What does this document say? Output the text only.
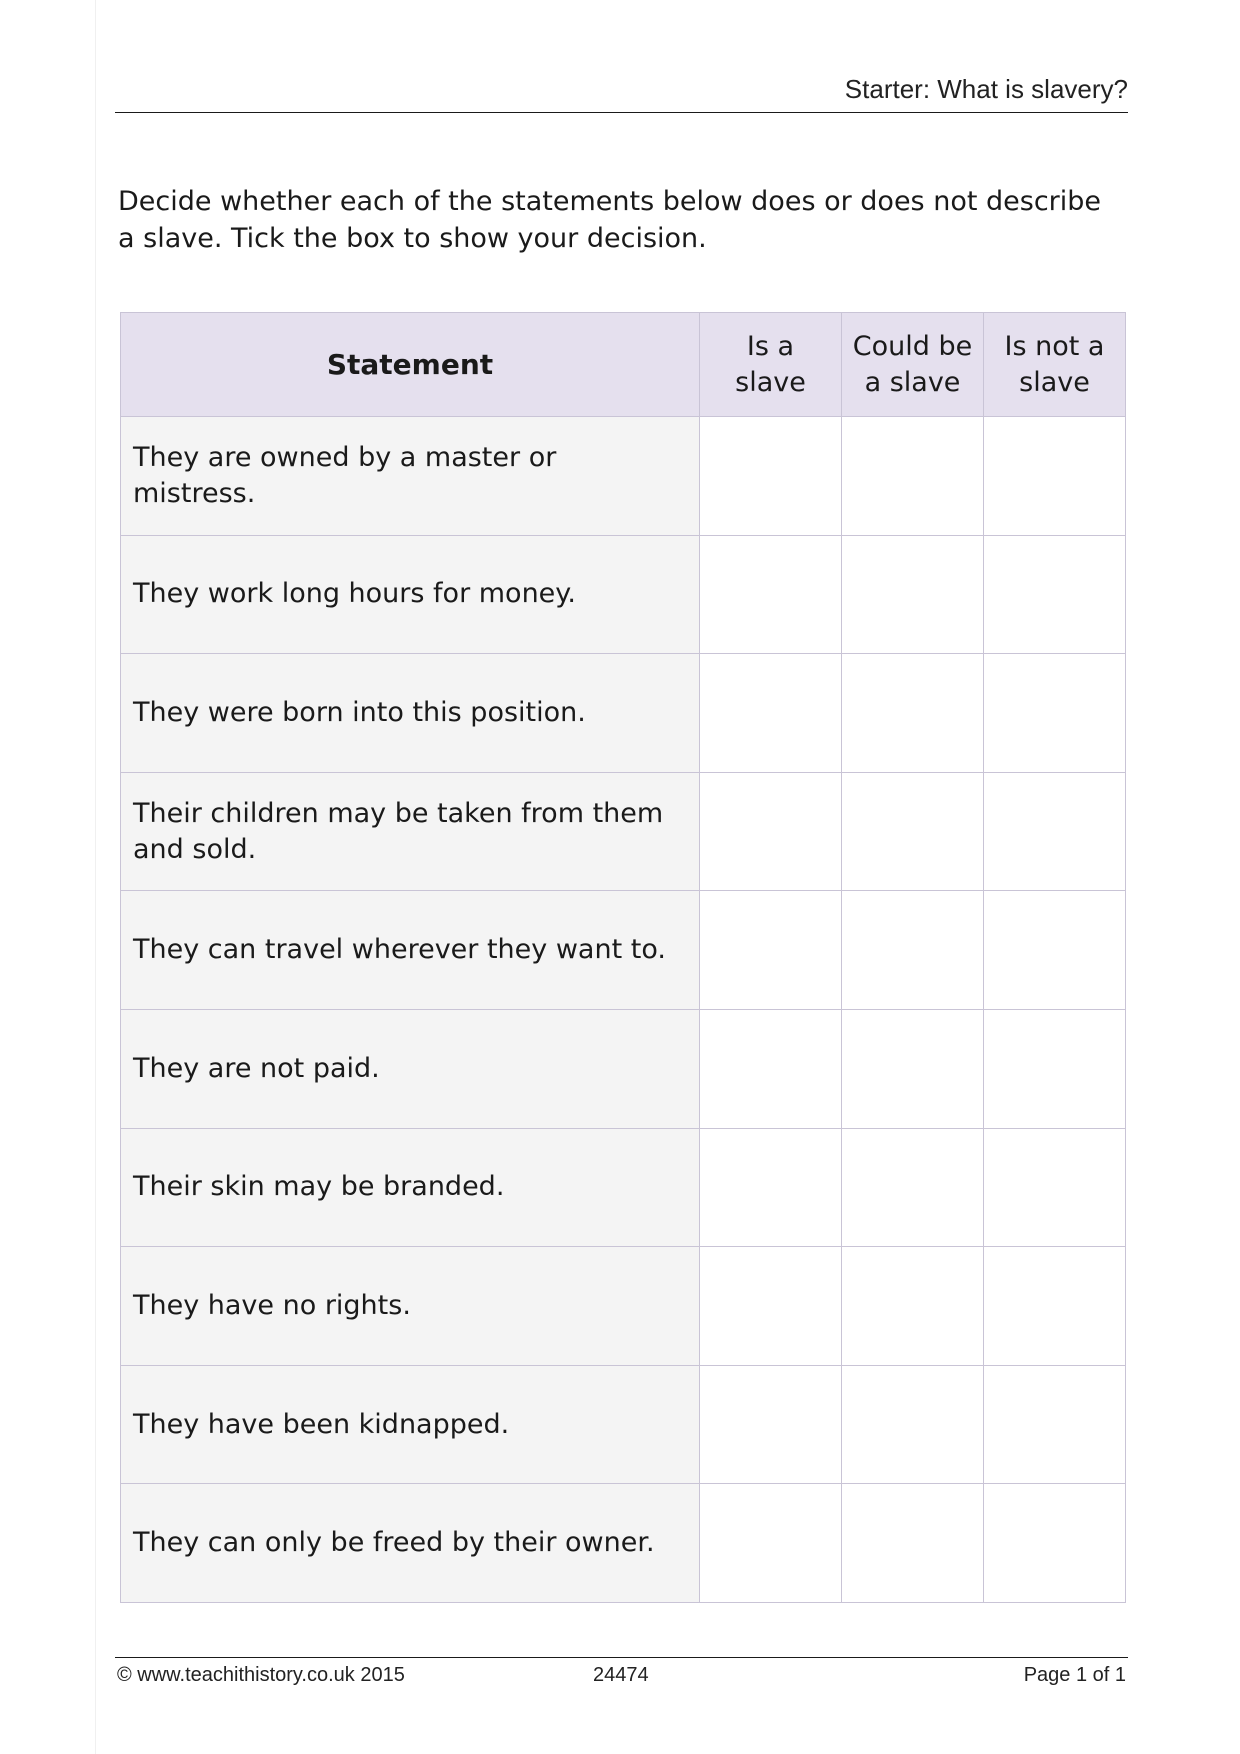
Starter: What is slavery?

Decide whether each of the statements below does or does not describe a slave. Tick the box to show your decision.

Statement	Is a slave	Could be a slave	Is not a slave
They are owned by a master or mistress.	

They work long hours for money.	

They were born into this position.	

Their children may be taken from them and sold.	

They can travel wherever they want to.	

They are not paid.	

Their skin may be branded.	

They have no rights.	

They have been kidnapped.	

They can only be freed by their owner.	

© www.teachithistory.co.uk 2015	24474	Page 1 of 1
